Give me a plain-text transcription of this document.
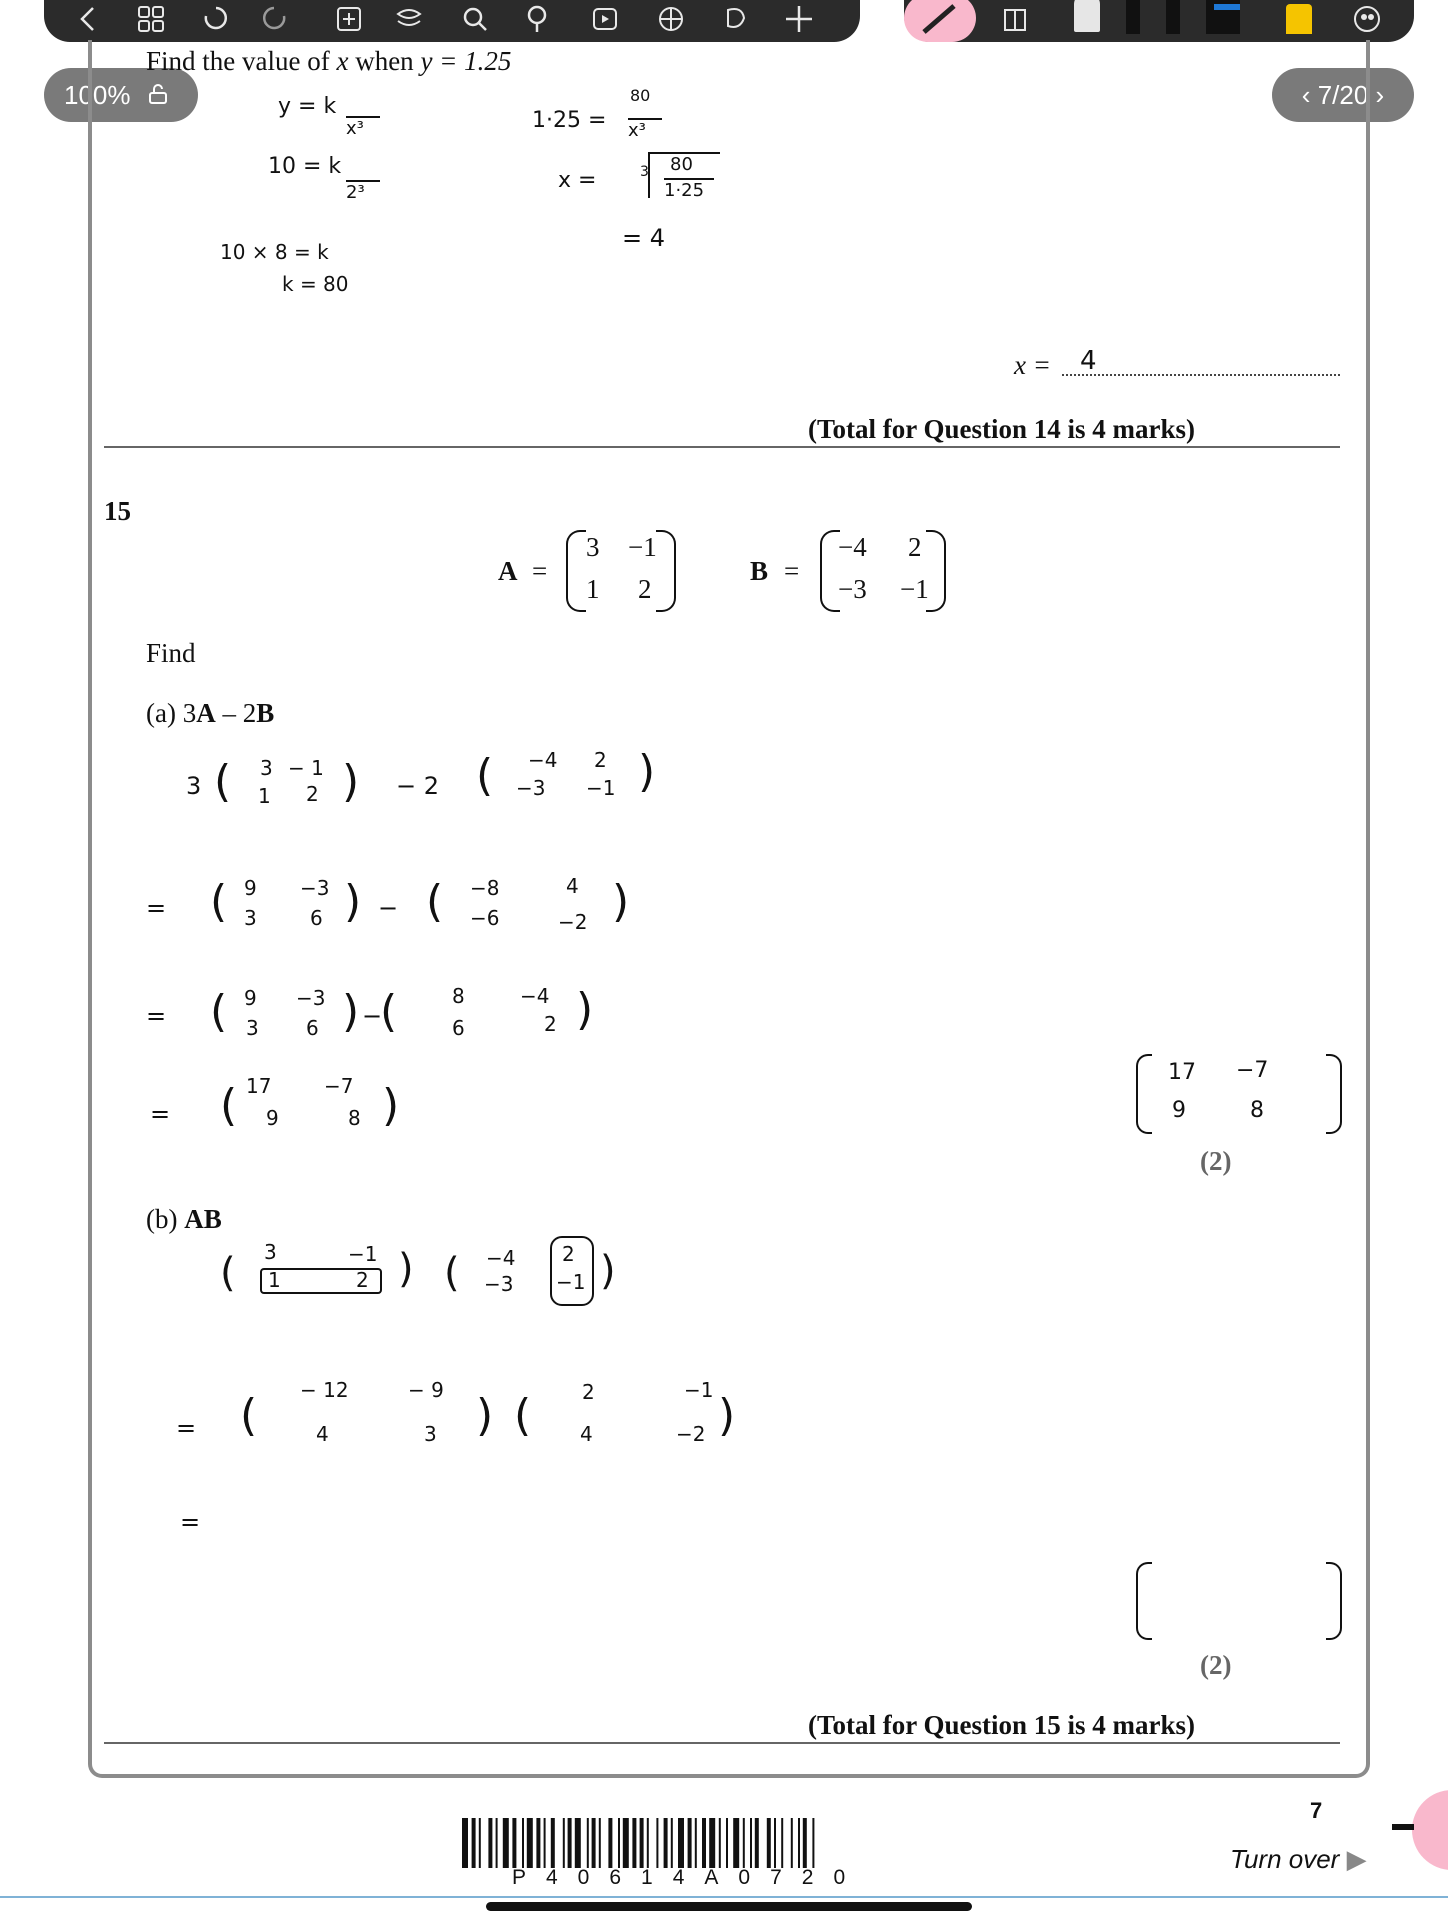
100%	‹ 7/20 ›
Find the value of x when y = 1.25
y = k
x³
10 = k
2³
10 × 8 = k
k = 80
1·25 =
80
x³
x =	3 80
1·25
= 4
x = 4
(Total for Question 14 is 4 marks)
15
A =
3 −1
1 2
B =
−4 2
−3 −1
Find
(a) 3A – 2B
3 ( 3 − 1
1 2 ) − 2 ( −4 2
−3 −1 )
= ( 9 −3
3	6 ) − ( −8	4
−6	−2 )
= ( 9 −3
3 6 ) −
(	8	−4
6	2 )
= ( 17	−7
9	8 )
17 −7
9	8
(2)
(b) AB
( 3	−1
1	2 ) ( −4 2
−3 −1 )
= ( − 12	− 9
4	3 ) (	2	−1
4	−2 )
=
(2)
(Total for Question 15 is 4 marks)
7
Turn over ▶
P40614A0720
